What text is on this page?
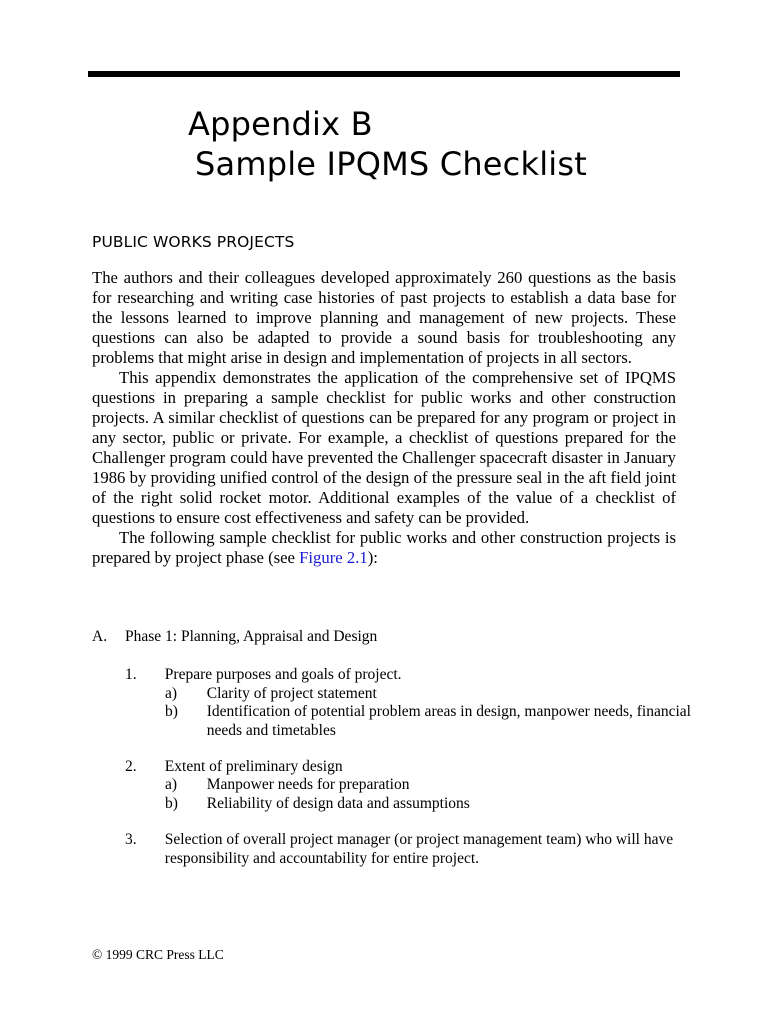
Appendix B
Sample IPQMS Checklist
PUBLIC WORKS PROJECTS

The authors and their colleagues developed approximately 260 questions as the basis for researching and writing case histories of past projects to establish a data base for the lessons learned to improve planning and management of new projects. These questions can also be adapted to provide a sound basis for troubleshooting any problems that might arise in design and implementation of projects in all sectors.

This appendix demonstrates the application of the comprehensive set of IPQMS questions in preparing a sample checklist for public works and other construction projects. A similar checklist of questions can be prepared for any program or project in any sector, public or private. For example, a checklist of questions prepared for the Challenger program could have prevented the Challenger spacecraft disaster in January 1986 by providing unified control of the design of the pressure seal in the aft field joint of the right solid rocket motor. Additional examples of the value of a checklist of questions to ensure cost effectiveness and safety can be provided.

The following sample checklist for public works and other construction projects is prepared by project phase (see Figure 2.1):

A.	Phase 1: Planning, Appraisal and Design
1.	Prepare purposes and goals of project.
a)	Clarity of project statement
b)	Identification of potential problem areas in design, manpower needs, financial needs and timetables
2.	Extent of preliminary design
a)	Manpower needs for preparation
b)	Reliability of design data and assumptions
3.	Selection of overall project manager (or project management team) who will have responsibility and accountability for entire project.
© 1999 CRC Press LLC
